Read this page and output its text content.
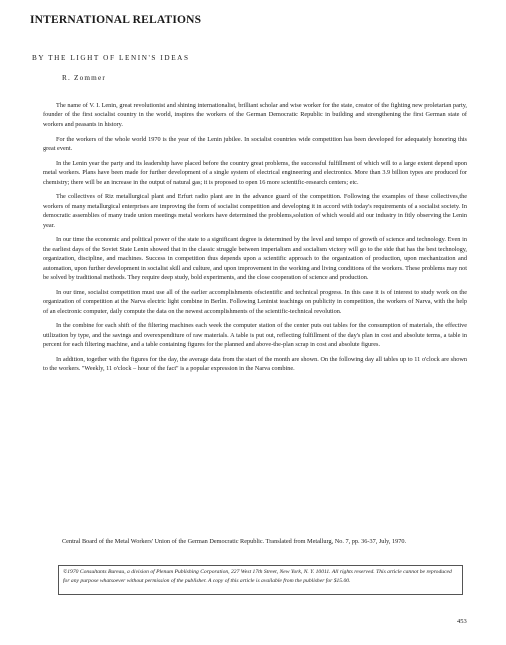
INTERNATIONAL RELATIONS
BY THE LIGHT OF LENIN'S IDEAS
R. Zommer

The name of V. I. Lenin, great revolutionist and shining internationalist, brilliant scholar and wise worker for the state, creator of the fighting new proletarian party, founder of the first socialist country in the world, inspires the workers of the German Democratic Republic in building and strengthening the first German state of workers and peasants in history.

For the workers of the whole world 1970 is the year of the Lenin jubilee. In socialist countries wide competition has been developed for adequately honoring this great event.

In the Lenin year the party and its leadership have placed before the country great problems, the successful fulfillment of which will to a large extent depend upon metal workers. Plans have been made for further development of a single system of electrical engineering and electronics. More than 3.9 billion types are produced for chemistry; there will be an increase in the output of natural gas; it is proposed to open 16 more scientific-research centers; etc.

The collectives of Riz metallurgical plant and Erfurt radio plant are in the advance guard of the competition. Following the examples of these collectives,the workers of many metallurgical enterprises are improving the form of socialist competition and developing it in accord with today's requirements of a socialist society. In democratic assemblies of many trade union meetings metal workers have determined the problems,solution of which would aid our industry in fitly observing the Lenin year.

In our time the economic and political power of the state to a significant degree is determined by the level and tempo of growth of science and technology. Even in the earliest days of the Soviet State Lenin showed that in the classic struggle between imperialism and socialism victory will go to the side that has the best technology, organization, discipline, and machines. Success in competition thus depends upon a scientific approach to the organization of production, upon mechanization and automation, upon further development in socialist skill and culture, and upon improvement in the working and living conditions of the workers. These problems may not be solved by traditional methods. They require deep study, bold experiments, and the close cooperation of science and production.

In our time, socialist competition must use all of the earlier accomplishments ofscientific and technical progress. In this case it is of interest to study work on the organization of competition at the Narva electric light combine in Berlin. Following Leninist teachings on publicity in competition, the workers of Narva, with the help of an electronic computer, daily compute the data on the newest accomplishments of the scientific-technical revolution.

In the combine for each shift of the filtering machines each week the computer station of the center puts out tables for the consumption of materials, the effective utilization by type, and the savings and overexpenditure of raw materials. A table is put out, reflecting fulfillment of the day's plan in cost and absolute terms, a table in percent for each filtering machine, and a table containing figures for the planned and above-the-plan scrap in cost and absolute figures.

In addition, together with the figures for the day, the average data from the start of the month are shown. On the following day all tables up to 11 o'clock are shown to the workers. "Weekly, 11 o'clock – hour of the fact" is a popular expression in the Narva combine.

Central Board of the Metal Workers' Union of the German Democratic Republic. Translated from Metallurg, No. 7, pp. 36-37, July, 1970.
©1970 Consultants Bureau, a division of Plenum Publishing Corporation, 227 West 17th Street, New York, N. Y. 10011. All rights reserved. This article cannot be reproduced for any purpose whatsoever without permission of the publisher. A copy of this article is available from the publisher for $15.00.
453
